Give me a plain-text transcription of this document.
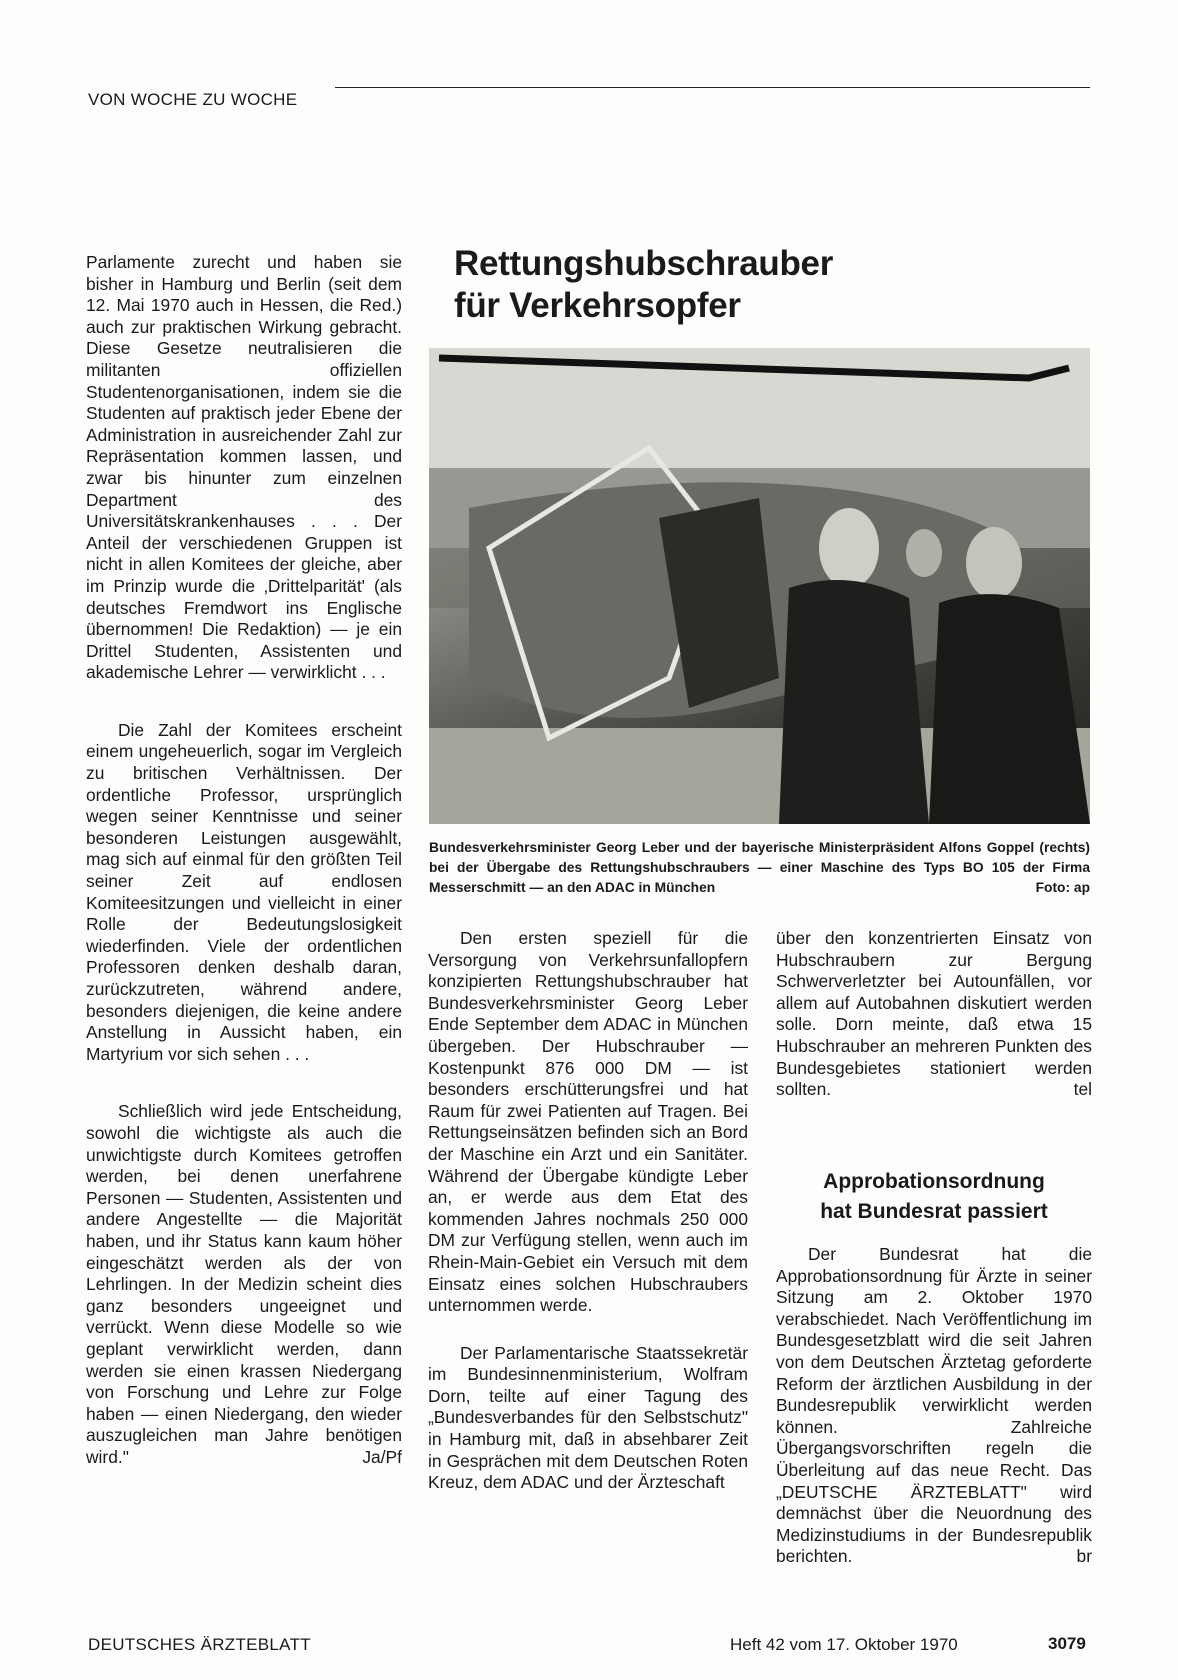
VON WOCHE ZU WOCHE

Parlamente zurecht und haben sie bisher in Hamburg und Berlin (seit dem 12. Mai 1970 auch in Hessen, die Red.) auch zur praktischen Wirkung gebracht. Diese Gesetze neutralisieren die militanten offiziellen Studentenorganisationen, indem sie die Studenten auf praktisch jeder Ebene der Administration in ausreichender Zahl zur Repräsentation kommen lassen, und zwar bis hinunter zum einzelnen Department des Universitätskrankenhauses . . . Der Anteil der verschiedenen Gruppen ist nicht in allen Komitees der gleiche, aber im Prinzip wurde die ‚Drittelparität' (als deutsches Fremdwort ins Englische übernommen! Die Redaktion) — je ein Drittel Studenten, Assistenten und akademische Lehrer — verwirklicht . . .

Die Zahl der Komitees erscheint einem ungeheuerlich, sogar im Vergleich zu britischen Verhältnissen. Der ordentliche Professor, ursprünglich wegen seiner Kenntnisse und seiner besonderen Leistungen ausgewählt, mag sich auf einmal für den größten Teil seiner Zeit auf endlosen Komiteesitzungen und vielleicht in einer Rolle der Bedeutungslosigkeit wiederfinden. Viele der ordentlichen Professoren denken deshalb daran, zurückzutreten, während andere, besonders diejenigen, die keine andere Anstellung in Aussicht haben, ein Martyrium vor sich sehen . . .

Schließlich wird jede Entscheidung, sowohl die wichtigste als auch die unwichtigste durch Komitees getroffen werden, bei denen unerfahrene Personen — Studenten, Assistenten und andere Angestellte — die Majorität haben, und ihr Status kann kaum höher eingeschätzt werden als der von Lehrlingen. In der Medizin scheint dies ganz besonders ungeeignet und verrückt. Wenn diese Modelle so wie geplant verwirklicht werden, dann werden sie einen krassen Niedergang von Forschung und Lehre zur Folge haben — einen Niedergang, den wieder auszugleichen man Jahre benötigen wird."	Ja/Pf

Rettungshubschrauber
für Verkehrsopfer
Bundesverkehrsminister Georg Leber und der bayerische Ministerpräsident Alfons Goppel (rechts) bei der Übergabe des Rettungshubschraubers — einer Maschine des Typs BO 105 der Firma Messerschmitt — an den ADAC in München	Foto: ap

Den ersten speziell für die Versorgung von Verkehrsunfallopfern konzipierten Rettungshubschrauber hat Bundesverkehrsminister Georg Leber Ende September dem ADAC in München übergeben. Der Hubschrauber — Kostenpunkt 876 000 DM — ist besonders erschütterungsfrei und hat Raum für zwei Patienten auf Tragen. Bei Rettungseinsätzen befinden sich an Bord der Maschine ein Arzt und ein Sanitäter. Während der Übergabe kündigte Leber an, er werde aus dem Etat des kommenden Jahres nochmals 250 000 DM zur Verfügung stellen, wenn auch im Rhein-Main-Gebiet ein Versuch mit dem Einsatz eines solchen Hubschraubers unternommen werde.

Der Parlamentarische Staatssekretär im Bundesinnenministerium, Wolfram Dorn, teilte auf einer Tagung des „Bundesverbandes für den Selbstschutz" in Hamburg mit, daß in absehbarer Zeit in Gesprächen mit dem Deutschen Roten Kreuz, dem ADAC und der Ärzteschaft

über den konzentrierten Einsatz von Hubschraubern zur Bergung Schwerverletzter bei Autounfällen, vor allem auf Autobahnen diskutiert werden solle. Dorn meinte, daß etwa 15 Hubschrauber an mehreren Punkten des Bundesgebietes stationiert werden sollten.	tel

Approbationsordnung
hat Bundesrat passiert

Der Bundesrat hat die Approbationsordnung für Ärzte in seiner Sitzung am 2. Oktober 1970 verabschiedet. Nach Veröffentlichung im Bundesgesetzblatt wird die seit Jahren von dem Deutschen Ärztetag geforderte Reform der ärztlichen Ausbildung in der Bundesrepublik verwirklicht werden können. Zahlreiche Übergangsvorschriften regeln die Überleitung auf das neue Recht. Das „DEUTSCHE ÄRZTEBLATT" wird demnächst über die Neuordnung des Medizinstudiums in der Bundesrepublik berichten.	br

DEUTSCHES ÄRZTEBLATT	Heft 42 vom 17. Oktober 1970	3079
